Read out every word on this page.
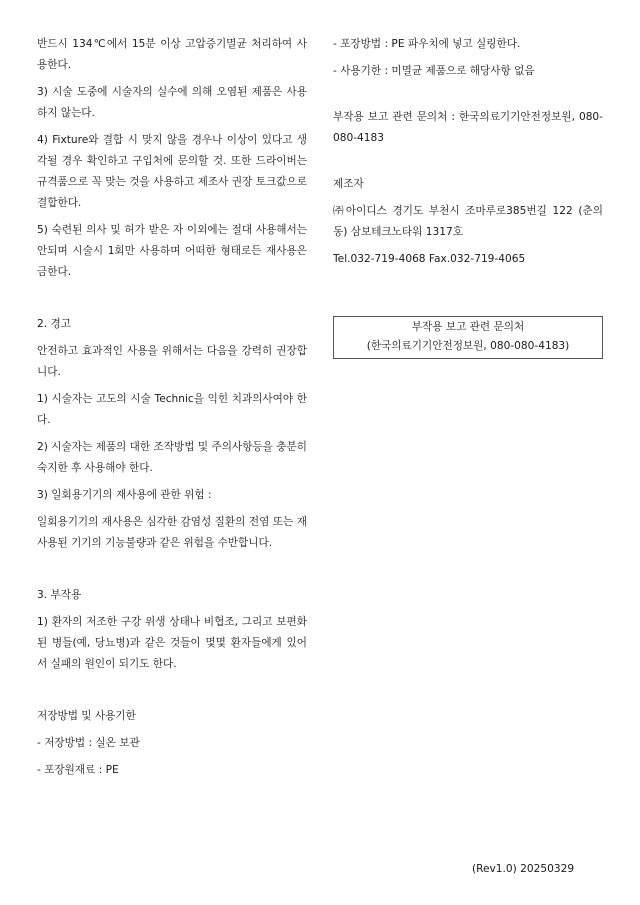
반드시 134℃에서 15분 이상 고압증기멸균 처리하여 사용한다.

3) 시술 도중에 시술자의 실수에 의해 오염된 제품은 사용하지 않는다.

4) Fixture와 결합 시 맞지 않을 경우나 이상이 있다고 생각될 경우 확인하고 구입처에 문의할 것. 또한 드라이버는 규격품으로 꼭 맞는 것을 사용하고 제조사 권장 토크값으로 결합한다.

5) 숙련된 의사 및 허가 받은 자 이외에는 절대 사용해서는 안되며 시술시 1회만 사용하며 어떠한 형태로든 재사용은 금한다.

2. 경고

안전하고 효과적인 사용을 위해서는 다음을 강력히 권장합니다.

1) 시술자는 고도의 시술 Technic을 익힌 치과의사여야 한다.

2) 시술자는 제품의 대한 조작방법 및 주의사항등을 충분히 숙지한 후 사용해야 한다.

3) 일회용기기의 재사용에 관한 위험 :

일회용기기의 재사용은 심각한 감염성 질환의 전염 또는 재사용된 기기의 기능불량과 같은 위험을 수반합니다.

3. 부작용

1) 환자의 저조한 구강 위생 상태나 비협조, 그리고 보편화된 병들(예, 당뇨병)과 같은 것들이 몇몇 환자들에게 있어서 실패의 원인이 되기도 한다.

저장방법 및 사용기한

- 저장방법 : 실온 보관

- 포장원재료 : PE

- 포장방법 : PE 파우치에 넣고 실링한다.

- 사용기한 : 미멸균 제품으로 해당사항 없음

부작용 보고 관련 문의처 : 한국의료기기안전정보원, 080-080-4183

제조자

㈜아이디스 경기도 부천시 조마루로385번길 122 (춘의동) 삼보테크노타워 1317호

Tel.032-719-4068 Fax.032-719-4065

부작용 보고 관련 문의처
(한국의료기기안전정보원, 080-080-4183)
(Rev1.0) 20250329
